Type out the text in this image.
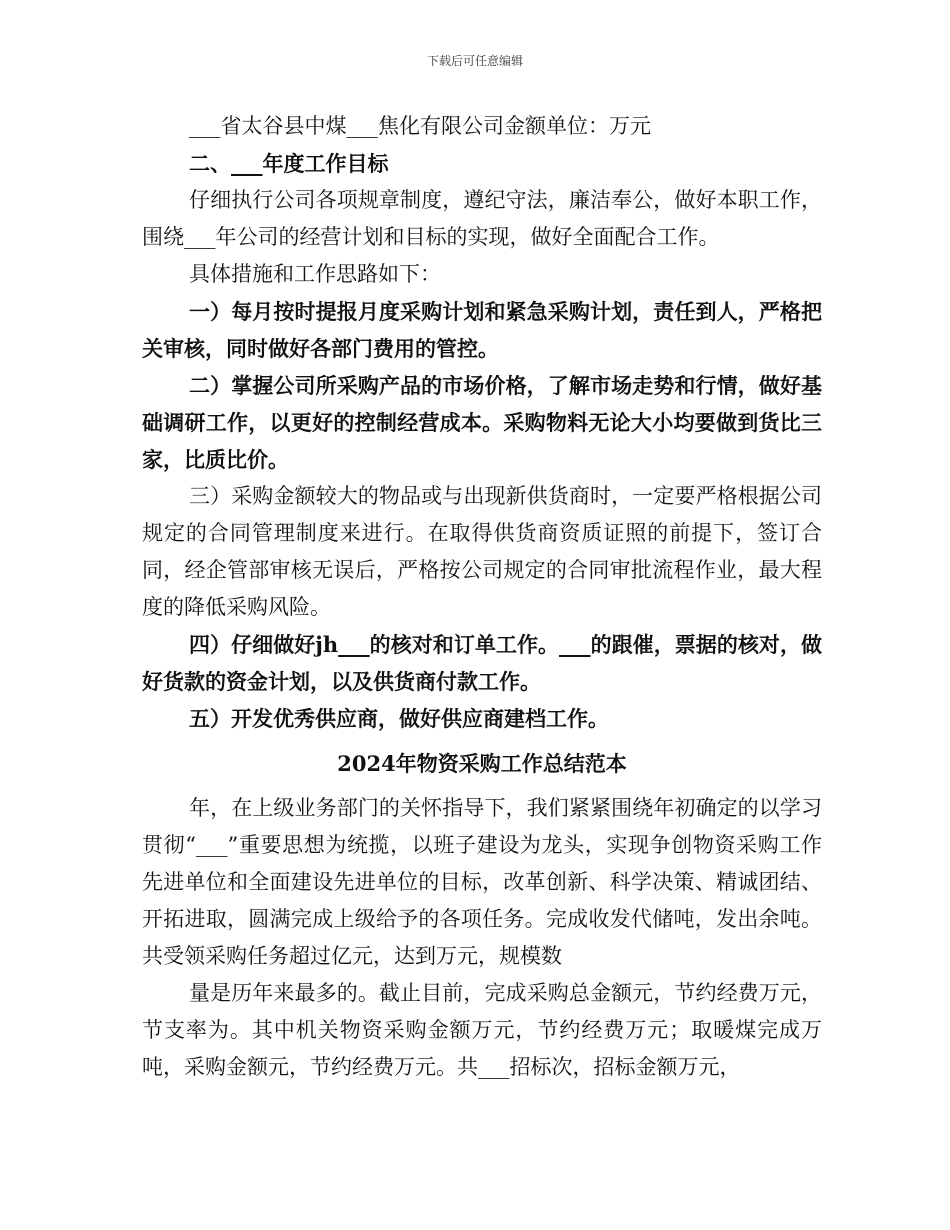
下载后可任意编辑

___省太谷县中煤___焦化有限公司金额单位：万元

二、___年度工作目标

仔细执行公司各项规章制度，遵纪守法，廉洁奉公，做好本职工作，围绕___年公司的经营计划和目标的实现，做好全面配合工作。

具体措施和工作思路如下：

一）每月按时提报月度采购计划和紧急采购计划，责任到人，严格把关审核，同时做好各部门费用的管控。

二）掌握公司所采购产品的市场价格，了解市场走势和行情，做好基础调研工作，以更好的控制经营成本。采购物料无论大小均要做到货比三家，比质比价。

三）采购金额较大的物品或与出现新供货商时，一定要严格根据公司规定的合同管理制度来进行。在取得供货商资质证照的前提下，签订合同，经企管部审核无误后，严格按公司规定的合同审批流程作业，最大程度的降低采购风险。

四）仔细做好jh___的核对和订单工作。___的跟催，票据的核对，做好货款的资金计划，以及供货商付款工作。

五）开发优秀供应商，做好供应商建档工作。

2024年物资采购工作总结范本

年，在上级业务部门的关怀指导下，我们紧紧围绕年初确定的以学习贯彻“___”重要思想为统揽，以班子建设为龙头，实现争创物资采购工作先进单位和全面建设先进单位的目标，改革创新、科学决策、精诚团结、开拓进取，圆满完成上级给予的各项任务。完成收发代储吨，发出余吨。共受领采购任务超过亿元，达到万元，规模数

量是历年来最多的。截止目前，完成采购总金额元，节约经费万元，节支率为。其中机关物资采购金额万元，节约经费万元；取暖煤完成万吨，采购金额元，节约经费万元。共___招标次，招标金额万元，
